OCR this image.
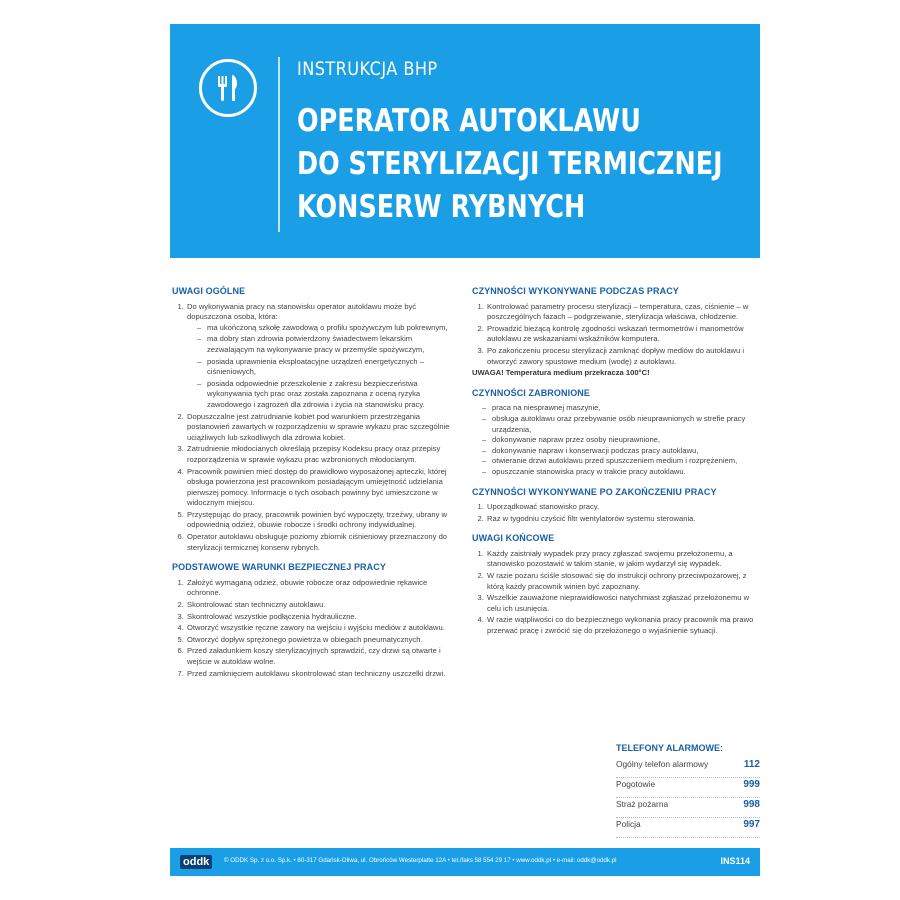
INSTRUKCJA BHP
OPERATOR AUTOKLAWU
DO STERYLIZACJI TERMICZNEJ
KONSERW RYBNYCH
UWAGI OGÓLNE
1. Do wykonywania pracy na stanowisku operator autoklawu może być dopuszczona osoba, która:
– ma ukończoną szkołę zawodową o profilu spożywczym lub pokrewnym,
– ma dobry stan zdrowia potwierdzony świadectwem lekarskim zezwalającym na wykonywanie pracy w przemyśle spożywczym,
– posiada uprawnienia eksploatacyjne urządzeń energetycznych – ciśnieniowych,
– posiada odpowiednie przeszkolenie z zakresu bezpieczeństwa wykonywania tych prac oraz została zapoznana z oceną ryzyka zawodowego i zagrożeń dla zdrowia i życia na stanowisku pracy.
2. Dopuszczalne jest zatrudnianie kobiet pod warunkiem przestrzegania postanowień zawartych w rozporządzeniu w sprawie wykazu prac szczególnie uciążliwych lub szkodliwych dla zdrowia kobiet.
3. Zatrudnienie młodocianych określają przepisy Kodeksu pracy oraz przepisy rozporządzenia w sprawie wykazu prac wzbronionych młodocianym.
4. Pracownik powinien mieć dostęp do prawidłowo wyposażonej apteczki, której obsługa powierzona jest pracownikom posiadającym umiejętność udzielania pierwszej pomocy. Informacje o tych osobach powinny być umieszczone w widocznym miejscu.
5. Przystępując do pracy, pracownik powinien być wypoczęty, trzeźwy, ubrany w odpowiednią odzież, obuwie robocze i środki ochrony indywidualnej.
6. Operator autoklawu obsługuje poziomy zbiornik ciśnieniowy przeznaczony do sterylizacji termicznej konserw rybnych.
PODSTAWOWE WARUNKI BEZPIECZNEJ PRACY
1. Założyć wymaganą odzież, obuwie robocze oraz odpowiednie rękawice ochronne.
2. Skontrolować stan techniczny autoklawu.
3. Skontrolować wszystkie podłączenia hydrauliczne.
4. Otworzyć wszystkie ręczne zawory na wejściu i wyjściu mediów z autoklawu.
5. Otworzyć dopływ sprężonego powietrza w obiegach pneumatycznych.
6. Przed załadunkiem koszy sterylizacyjnych sprawdzić, czy drzwi są otwarte i wejście w autoklaw wolne.
7. Przed zamknięciem autoklawu skontrolować stan techniczny uszczelki drzwi.
CZYNNOŚCI WYKONYWANE PODCZAS PRACY
1. Kontrolować parametry procesu sterylizacji – temperatura, czas, ciśnienie – w poszczególnych fazach – podgrzewanie, sterylizacja właściwa, chłodzenie.
2. Prowadzić bieżącą kontrolę zgodności wskazań termometrów i manometrów autoklawu ze wskazaniami wskaźników komputera.
3. Po zakończeniu procesu sterylizacji zamknąć dopływ mediów do autoklawu i otworzyć zawory spustowe medium (wodę) z autoklawu.
UWAGA! Temperatura medium przekracza 100°C!
CZYNNOŚCI ZABRONIONE
– praca na niesprawnej maszynie,
– obsługa autoklawu oraz przebywanie osób nieuprawnionych w strefie pracy urządzenia,
– dokonywanie napraw przez osoby nieuprawnione,
– dokonywanie napraw i konserwacji podczas pracy autoklawu,
– otwieranie drzwi autoklawu przed spuszczeniem medium i rozprężeniem,
– opuszczanie stanowiska pracy w trakcie pracy autoklawu.
CZYNNOŚCI WYKONYWANE PO ZAKOŃCZENIU PRACY
1. Uporządkować stanowisko pracy.
2. Raz w tygodniu czyścić filtr wentylatorów systemu sterowania.
UWAGI KOŃCOWE
1. Każdy zaistniały wypadek przy pracy zgłaszać swojemu przełożonemu, a stanowisko pozostawić w takim stanie, w jakim wydarzył się wypadek.
2. W razie pożaru ściśle stosować się do instrukcji ochrony przeciwpożarowej, z którą każdy pracownik winien być zapoznany.
3. Wszelkie zauważone nieprawidłowości natychmiast zgłaszać przełożonemu w celu ich usunięcia.
4. W razie wątpliwości co do bezpiecznego wykonania pracy pracownik ma prawo przerwać pracę i zwrócić się do przełożonego o wyjaśnienie sytuacji.
TELEFONY ALARMOWE:
Ogólny telefon alarmowy	112
Pogotowie	999
Straż pożarna	998
Policja	997
oddk	© ODDK Sp. z o.o. Sp.k. • 80-317 Gdańsk-Oliwa, ul. Obrońców Westerplatte 12A • tel./faks 58 554 29 17 • www.oddk.pl • e-mail: oddk@oddk.pl	INS114
